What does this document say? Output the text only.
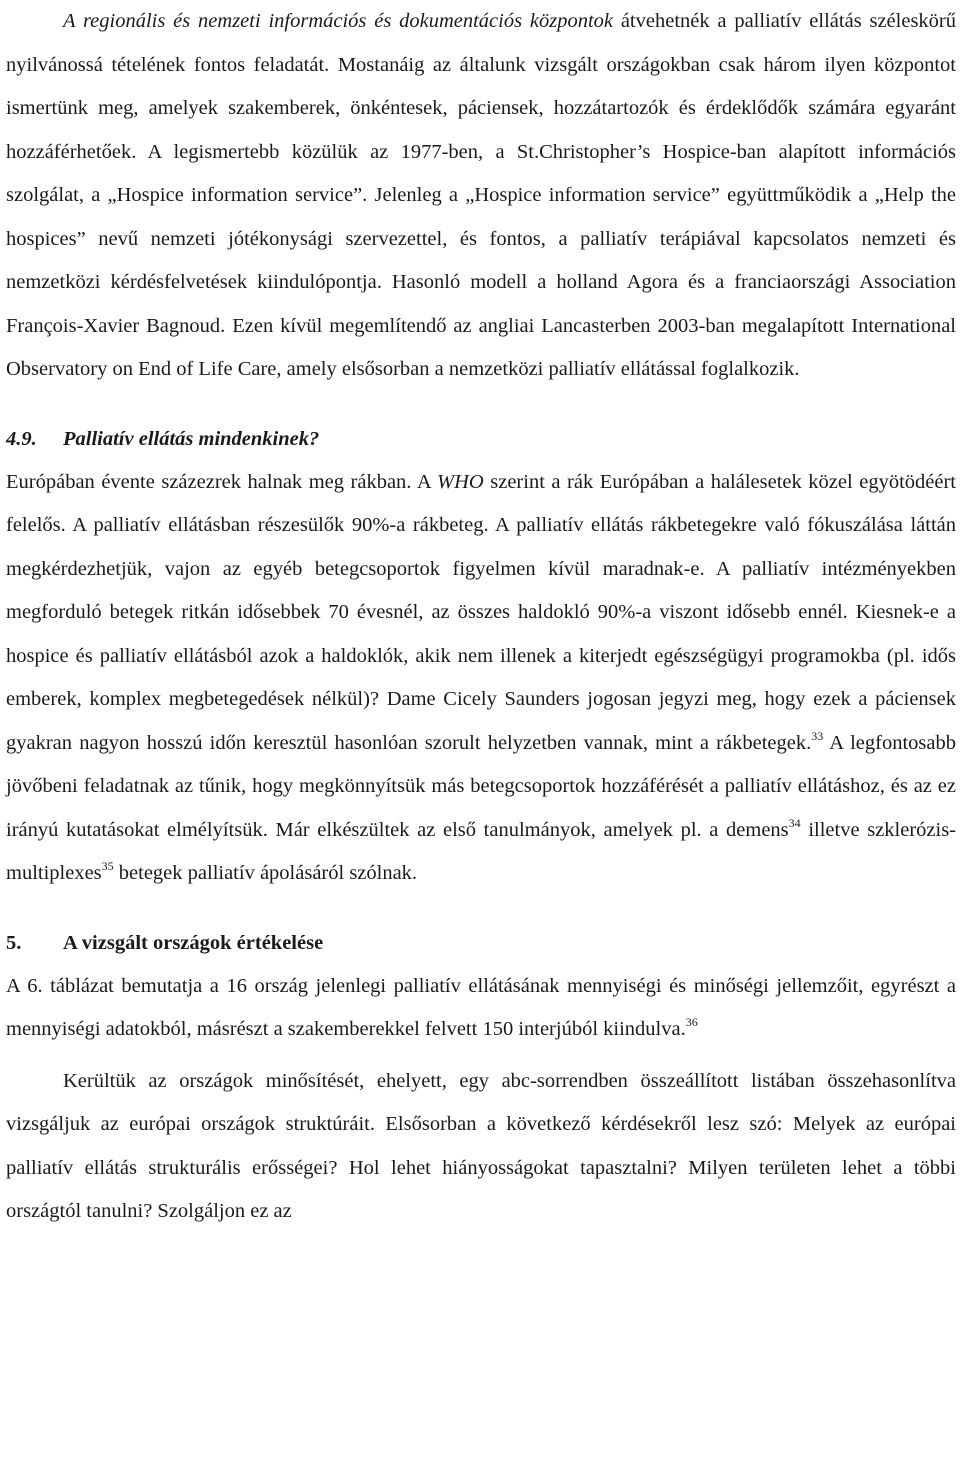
A regionális és nemzeti információs és dokumentációs központok átvehetnék a palliatív ellátás széleskörű nyilvánossá tételének fontos feladatát. Mostanáig az általunk vizsgált országokban csak három ilyen központot ismertünk meg, amelyek szakemberek, önkéntesek, páciensek, hozzátartozók és érdeklődők számára egyaránt hozzáférhetőek. A legismertebb közülük az 1977-ben, a St.Christopher’s Hospice-ban alapított információs szolgálat, a „Hospice information service”. Jelenleg a „Hospice information service” együttműködik a „Help the hospices” nevű nemzeti jótékonysági szervezettel, és fontos, a palliatív terápiával kapcsolatos nemzeti és nemzetközi kérdésfelvetések kiindulópontja. Hasonló modell a holland Agora és a franciaországi Association François-Xavier Bagnoud. Ezen kívül megemlítendő az angliai Lancasterben 2003-ban megalapított International Observatory on End of Life Care, amely elsősorban a nemzetközi palliatív ellátással foglalkozik.

4.9. Palliatív ellátás mindenkinek?

Európában évente százezrek halnak meg rákban. A WHO szerint a rák Európában a halálesetek közel egyötödéért felelős. A palliatív ellátásban részesülők 90%-a rákbeteg. A palliatív ellátás rákbetegekre való fókuszálása láttán megkérdezhetjük, vajon az egyéb betegcsoportok figyelmen kívül maradnak-e. A palliatív intézményekben megforduló betegek ritkán idősebbek 70 évesnél, az összes haldokló 90%-a viszont idősebb ennél. Kiesnek-e a hospice és palliatív ellátásból azok a haldoklók, akik nem illenek a kiterjedt egészségügyi programokba (pl. idős emberek, komplex megbetegedések nélkül)? Dame Cicely Saunders jogosan jegyzi meg, hogy ezek a páciensek gyakran nagyon hosszú időn keresztül hasonlóan szorult helyzetben vannak, mint a rákbetegek.$^{33}$ A legfontosabb jövőbeni feladatnak az tűnik, hogy megkönnyítsük más betegcsoportok hozzáférését a palliatív ellátáshoz, és az ez irányú kutatásokat elmélyítsük. Már elkészültek az első tanulmányok, amelyek pl. a demens$^{34}$ illetve szklerózis-multiplexes$^{35}$ betegek palliatív ápolásáról szólnak.

5. A vizsgált országok értékelése

A 6. táblázat bemutatja a 16 ország jelenlegi palliatív ellátásának mennyiségi és minőségi jellemzőit, egyrészt a mennyiségi adatokból, másrészt a szakemberekkel felvett 150 interjúból kiindulva.$^{36}$

Kerültük az országok minősítését, ehelyett, egy abc-sorrendben összeállított listában összehasonlítva vizsgáljuk az európai országok struktúráit. Elsősorban a következő kérdésekről lesz szó: Melyek az európai palliatív ellátás strukturális erősségei? Hol lehet hiányosságokat tapasztalni? Milyen területen lehet a többi országtól tanulni? Szolgáljon ez az
